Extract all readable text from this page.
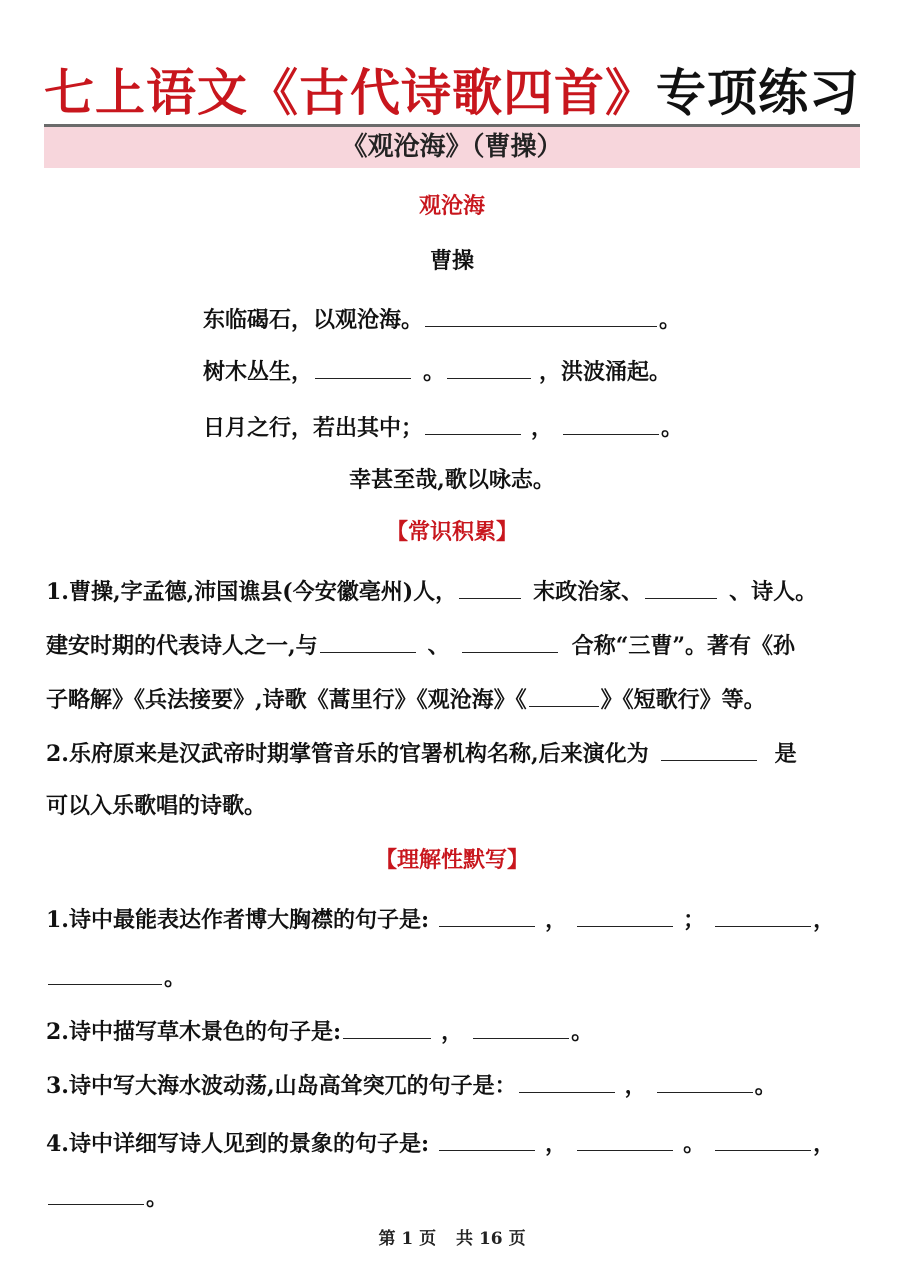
七上语文《古代诗歌四首》专项练习
《观沧海》（曹操）
观沧海
曹操
东临碣石，以观沧海。	。
树木丛生，	。	，洪波涌起。
日月之行，若出其中；	，	。
幸甚至哉,歌以咏志。
【常识积累】
1.曹操,字孟德,沛国谯县(今安徽亳州)人，	末政治家、	、诗人。
建安时期的代表诗人之一,与	、	合称“三曹”。著有《孙
子略解》《兵法接要》,诗歌《蒿里行》《观沧海》《	》《短歌行》等。
2.乐府原来是汉武帝时期掌管音乐的官署机构名称,后来演化为	是
可以入乐歌唱的诗歌。
【理解性默写】
1.诗中最能表达作者博大胸襟的句子是:	，	；	，
。
2.诗中描写草木景色的句子是:	，	。
3.诗中写大海水波动荡,山岛高耸突兀的句子是：	，	。
4.诗中详细写诗人见到的景象的句子是:	，	。	，
。
第 1 页 共 16 页
